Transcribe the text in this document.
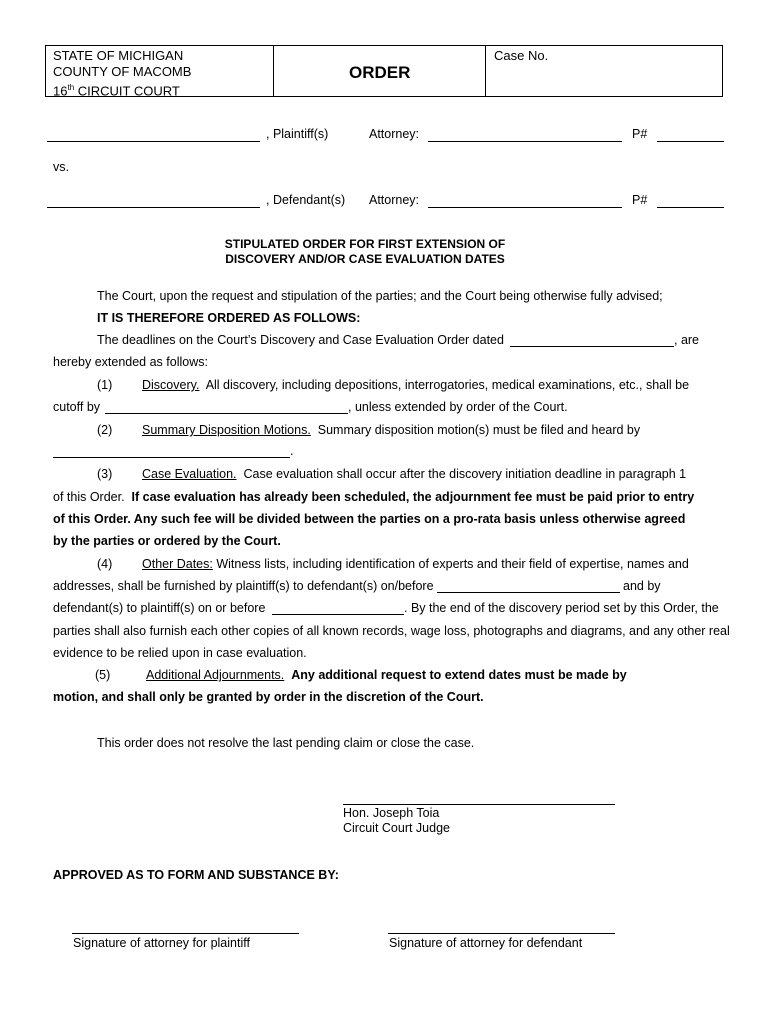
STATE OF MICHIGAN
COUNTY OF MACOMB
16th CIRCUIT COURT
ORDER
Case No.
, Plaintiff(s)	Attorney:	P#
vs.
, Defendant(s) Attorney:	P#
STIPULATED ORDER FOR FIRST EXTENSION OF
DISCOVERY AND/OR CASE EVALUATION DATES
The Court, upon the request and stipulation of the parties; and the Court being otherwise fully advised;
IT IS THEREFORE ORDERED AS FOLLOWS:
The deadlines on the Court’s Discovery and Case Evaluation Order dated	, are
hereby extended as follows:
(1) Discovery. All discovery, including depositions, interrogatories, medical examinations, etc., shall be
cutoff by	, unless extended by order of the Court.
(2) Summary Disposition Motions. Summary disposition motion(s) must be filed and heard by
.
(3) Case Evaluation. Case evaluation shall occur after the discovery initiation deadline in paragraph 1
of this Order. If case evaluation has already been scheduled, the adjournment fee must be paid prior to entry
of this Order. Any such fee will be divided between the parties on a pro-rata basis unless otherwise agreed
by the parties or ordered by the Court.
(4) Other Dates: Witness lists, including identification of experts and their field of expertise, names and
addresses, shall be furnished by plaintiff(s) to defendant(s) on/before	and by
defendant(s) to plaintiff(s) on or before	. By the end of the discovery period set by this Order, the
parties shall also furnish each other copies of all known records, wage loss, photographs and diagrams, and any other real
evidence to be relied upon in case evaluation.
(5)	Additional Adjournments. Any additional request to extend dates must be made by
motion, and shall only be granted by order in the discretion of the Court.
This order does not resolve the last pending claim or close the case.
Hon. Joseph Toia
Circuit Court Judge
APPROVED AS TO FORM AND SUBSTANCE BY:
Signature of attorney for plaintiff	Signature of attorney for defendant
